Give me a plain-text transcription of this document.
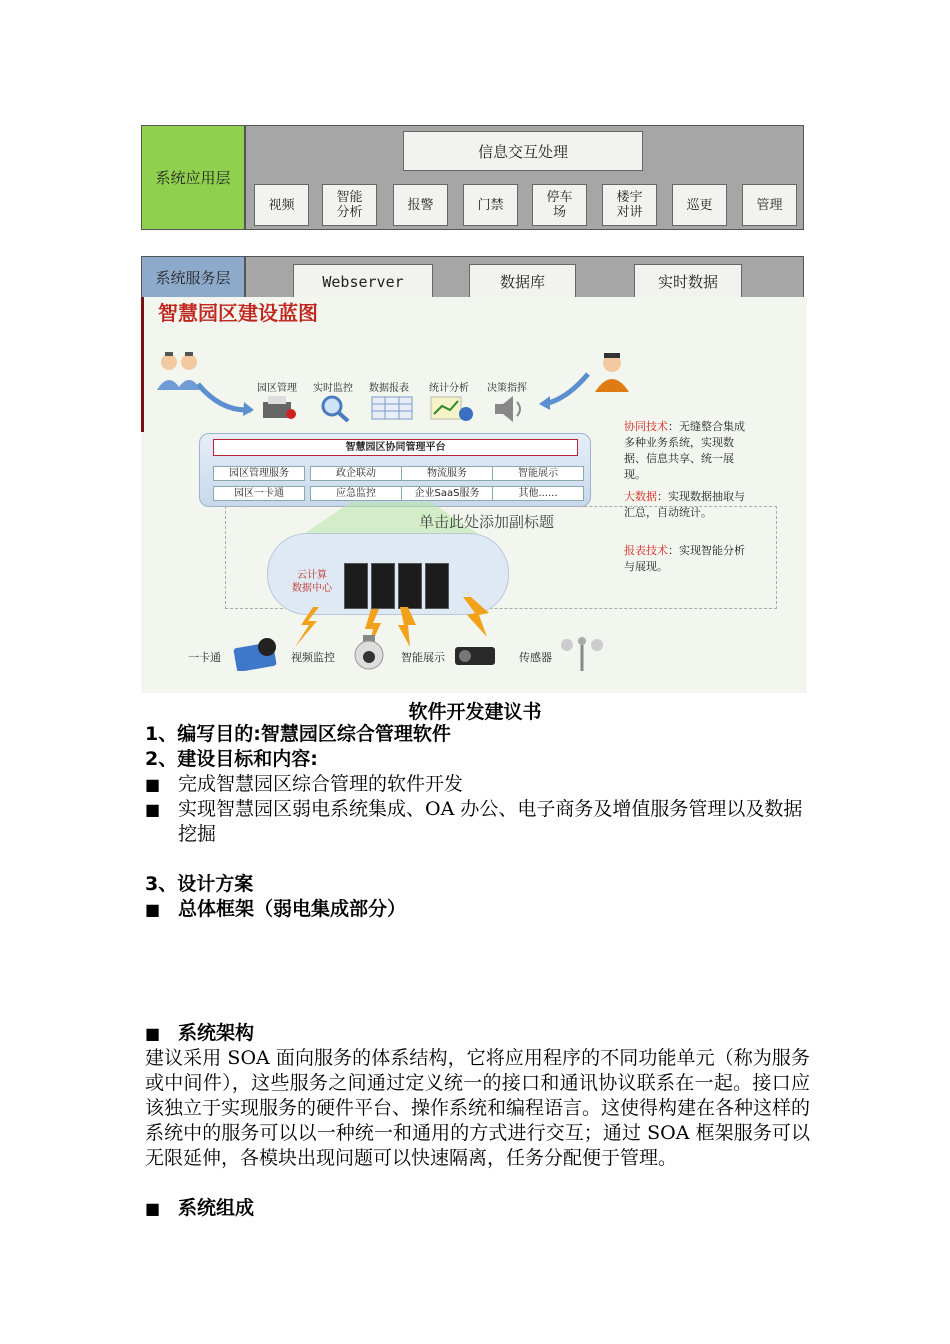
系统应用层
信息交互处理
视频	智能
分析	报警	门禁	停车
场
楼宇
对讲	巡更	管理
系统服务层	Webserver	数据库	实时数据
智慧园区建设蓝图
园区管理 实时监控 数据报表 统计分析 决策指挥
智慧园区协同管理平台
园区管理服务	政企联动	物流服务	智能展示
园区一卡通	应急监控	企业SaaS服务	其他......
单击此处添加副标题
协同技术：无缝整合集成多种业务系统，实现数据、信息共享、统一展现。
大数据：实现数据抽取与汇总，自动统计。
报表技术：实现智能分析与展现。
云计算
数据中心
一卡通	视频监控	智能展示	传感器
软件开发建议书
1、编写目的:智慧园区综合管理软件
2、建设目标和内容:
■ 完成智慧园区综合管理的软件开发
■ 实现智慧园区弱电系统集成、OA 办公、电子商务及增值服务管理以及数据挖掘
3、设计方案
■ 总体框架（弱电集成部分）
■ 系统架构
建议采用 SOA 面向服务的体系结构，它将应用程序的不同功能单元（称为服务或中间件），这些服务之间通过定义统一的接口和通讯协议联系在一起。接口应该独立于实现服务的硬件平台、操作系统和编程语言。这使得构建在各种这样的系统中的服务可以以一种统一和通用的方式进行交互；通过 SOA 框架服务可以无限延伸，各模块出现问题可以快速隔离，任务分配便于管理。
■ 系统组成
